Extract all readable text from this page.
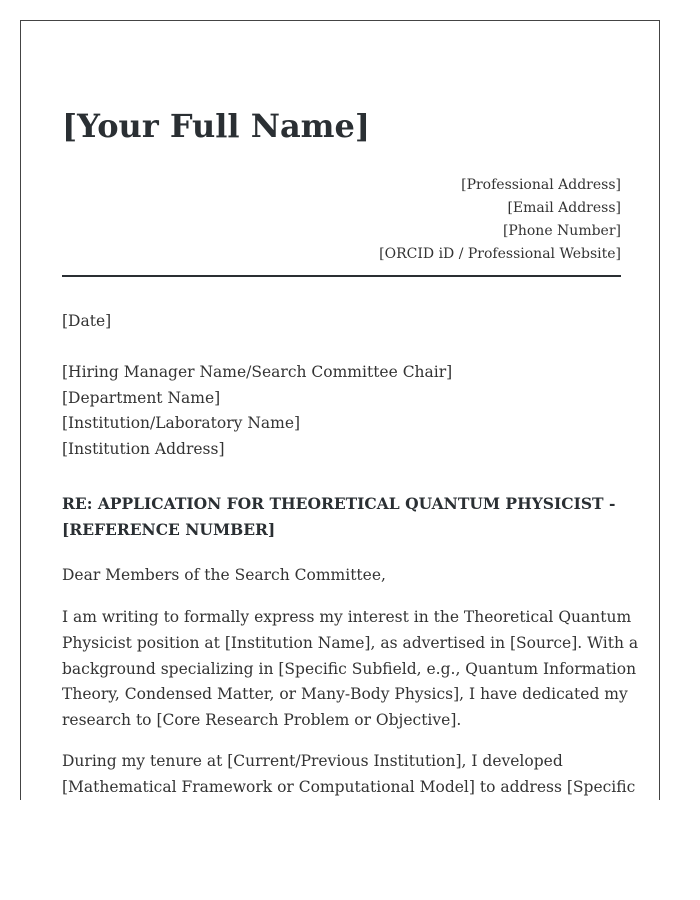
[Your Full Name]
[Professional Address]
[Email Address]
[Phone Number]
[ORCID iD / Professional Website]
[Date]
[Hiring Manager Name/Search Committee Chair]
[Department Name]
[Institution/Laboratory Name]
[Institution Address]
RE: APPLICATION FOR THEORETICAL QUANTUM PHYSICIST - [REFERENCE NUMBER]
Dear Members of the Search Committee,
I am writing to formally express my interest in the Theoretical Quantum
Physicist position at [Institution Name], as advertised in [Source]. With a
background specializing in [Specific Subfield, e.g., Quantum Information
Theory, Condensed Matter, or Many-Body Physics], I have dedicated my
research to [Core Research Problem or Objective].
During my tenure at [Current/Previous Institution], I developed
[Mathematical Framework or Computational Model] to address [Specific
